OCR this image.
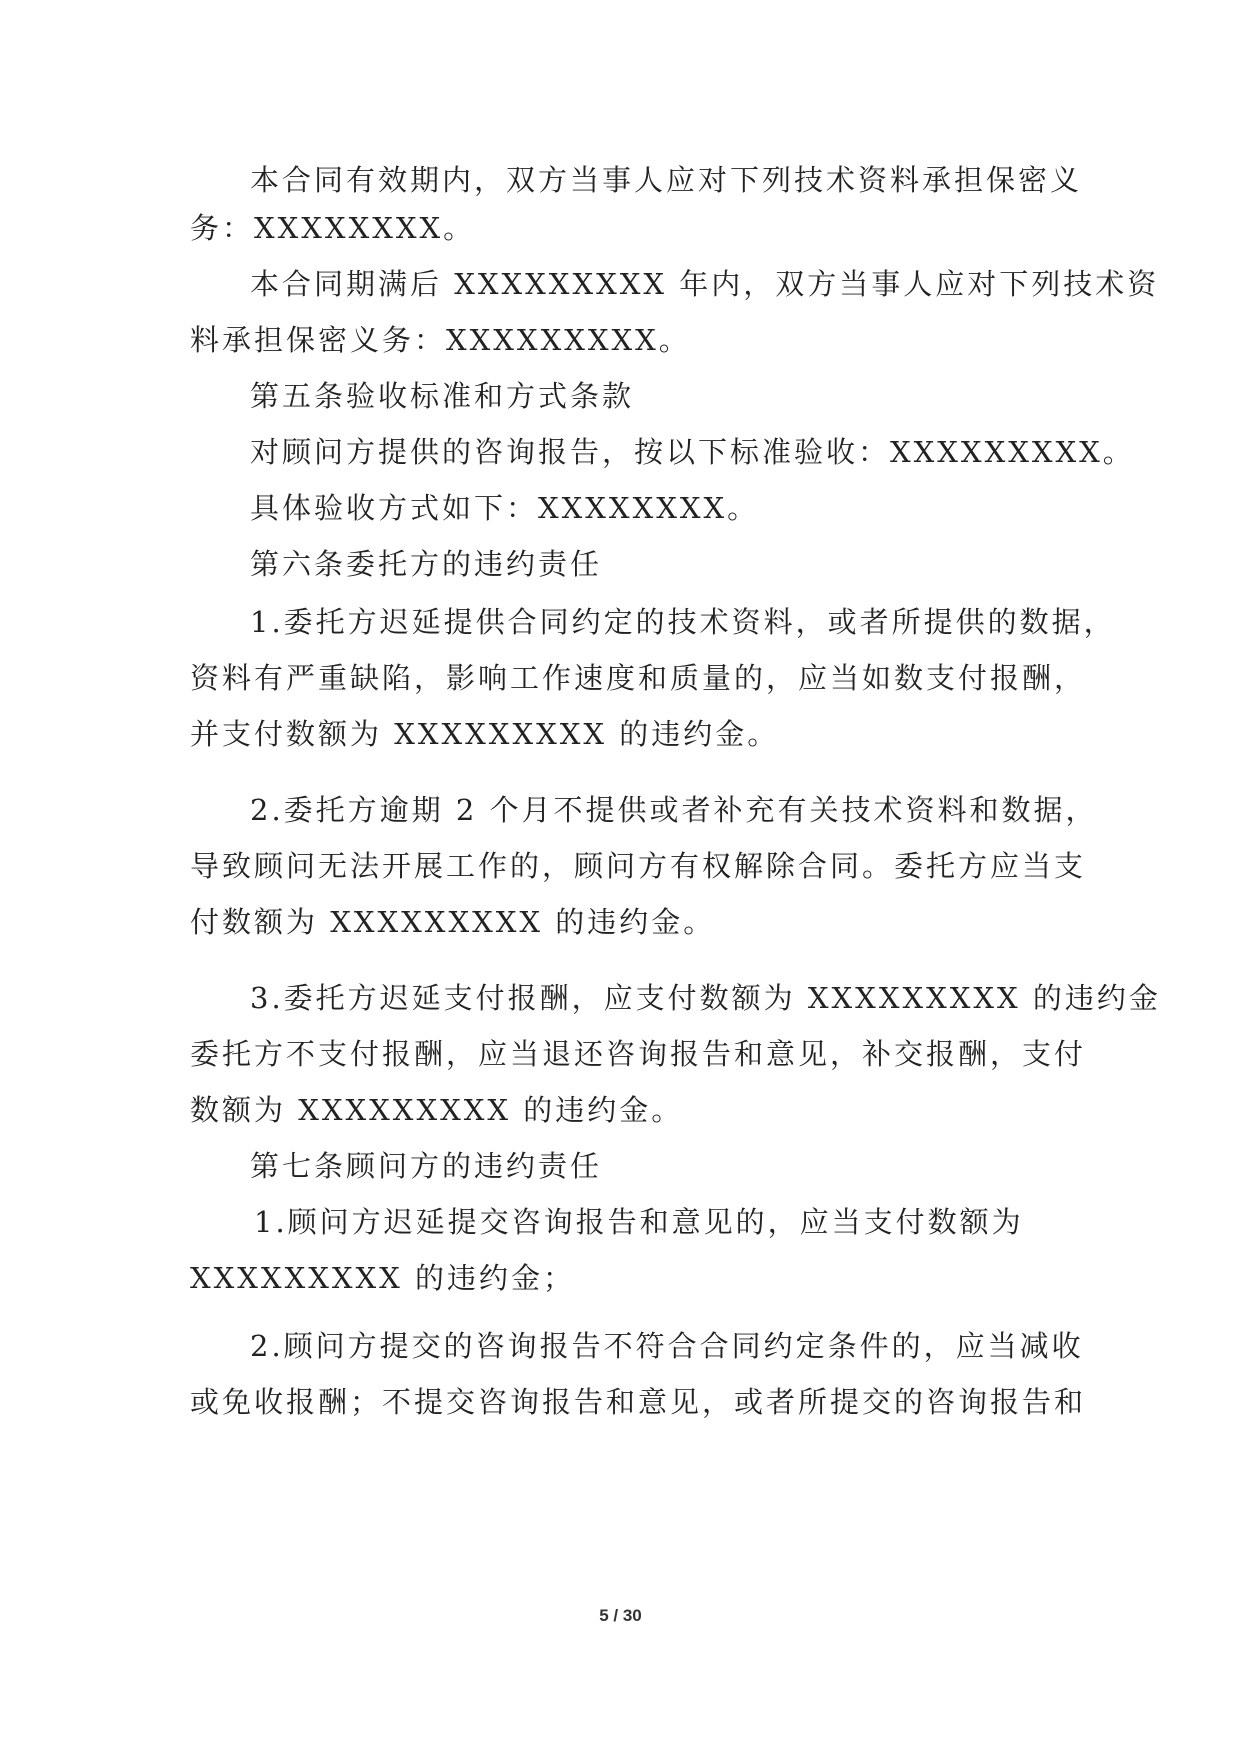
本合同有效期内，双方当事人应对下列技术资料承担保密义
务：XXXXXXXX。
本合同期满后 XXXXXXXXX 年内，双方当事人应对下列技术资
料承担保密义务：XXXXXXXXX。
第五条验收标准和方式条款
对顾问方提供的咨询报告，按以下标准验收：XXXXXXXXX。
具体验收方式如下：XXXXXXXX。
第六条委托方的违约责任
1.委托方迟延提供合同约定的技术资料，或者所提供的数据，
资料有严重缺陷，影响工作速度和质量的，应当如数支付报酬，
并支付数额为 XXXXXXXXX 的违约金。
2.委托方逾期 2 个月不提供或者补充有关技术资料和数据，
导致顾问无法开展工作的，顾问方有权解除合同。委托方应当支
付数额为 XXXXXXXXX 的违约金。
3.委托方迟延支付报酬，应支付数额为 XXXXXXXXX 的违约金
委托方不支付报酬，应当退还咨询报告和意见，补交报酬，支付
数额为 XXXXXXXXX 的违约金。
第七条顾问方的违约责任
1.顾问方迟延提交咨询报告和意见的，应当支付数额为
XXXXXXXXX 的违约金；
2.顾问方提交的咨询报告不符合合同约定条件的，应当减收
或免收报酬；不提交咨询报告和意见，或者所提交的咨询报告和
5 / 30
